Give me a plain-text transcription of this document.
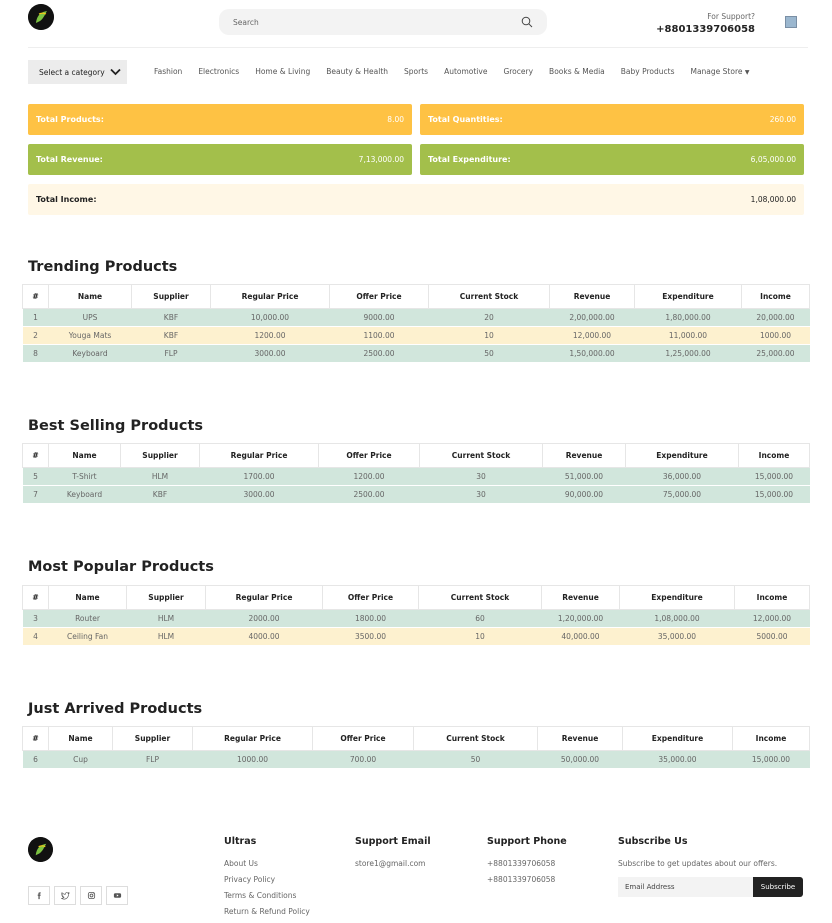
Search
For Support?
+8801339706058
Select a category	Fashion Electronics Home & Living Beauty & Health Sports Automotive Grocery Books & Media Baby Products Manage Store ▼
Total Products:	8.00	Total Quantities:	260.00
Total Revenue:	7,13,000.00	Total Expenditure:	6,05,000.00
Total Income:	1,08,000.00
Trending Products
#	Name	Supplier	Regular Price	Offer Price	Current Stock	Revenue	Expenditure	Income
1	UPS	KBF	10,000.00	9000.00	20	2,00,000.00	1,80,000.00	20,000.00
2	Youga Mats	KBF	1200.00	1100.00	10	12,000.00	11,000.00	1000.00
8	Keyboard	FLP	3000.00	2500.00	50	1,50,000.00	1,25,000.00	25,000.00
Best Selling Products
#	Name	Supplier	Regular Price	Offer Price	Current Stock	Revenue	Expenditure	Income
5	T-Shirt	HLM	1700.00	1200.00	30	51,000.00	36,000.00	15,000.00
7	Keyboard	KBF	3000.00	2500.00	30	90,000.00	75,000.00	15,000.00
Most Popular Products
#	Name	Supplier	Regular Price	Offer Price	Current Stock	Revenue	Expenditure	Income
3	Router	HLM	2000.00	1800.00	60	1,20,000.00	1,08,000.00	12,000.00
4	Ceiling Fan	HLM	4000.00	3500.00	10	40,000.00	35,000.00	5000.00
Just Arrived Products
#	Name	Supplier	Regular Price	Offer Price	Current Stock	Revenue	Expenditure	Income
6	Cup	FLP	1000.00	700.00	50	50,000.00	35,000.00	15,000.00
Ultras
About Us
Privacy Policy
Terms & Conditions
Return & Refund Policy
Support Email
store1@gmail.com
Support Phone
+8801339706058
+8801339706058
Subscribe Us
Subscribe to get updates about our offers.
Email Address
Subscribe
